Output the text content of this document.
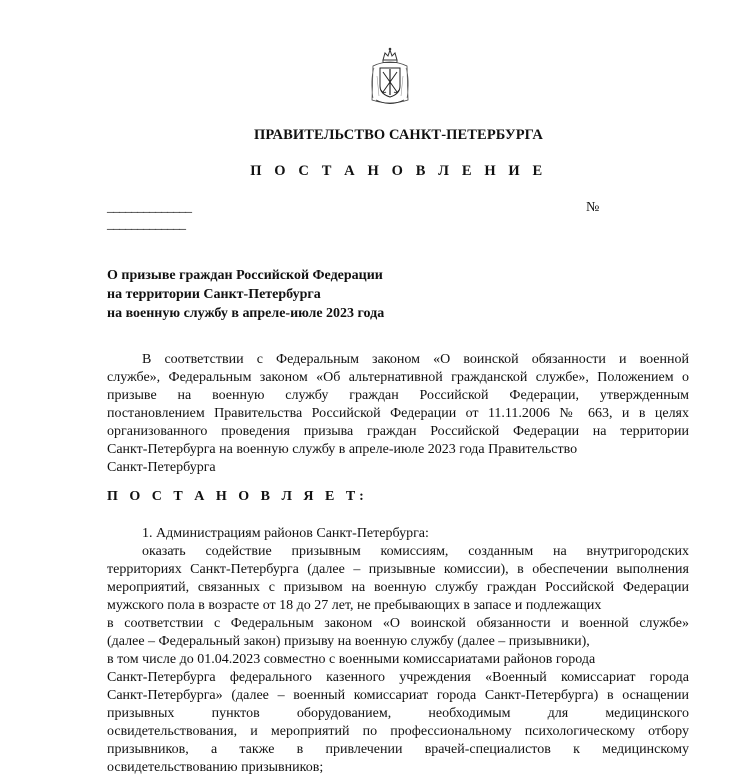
ПРАВИТЕЛЬСТВО САНКТ-ПЕТЕРБУРГА
П О С Т А Н О В Л Е Н И Е
______________
_____________
№
О призыве граждан Российской Федерации
на территории Санкт-Петербурга
на военную службу в апреле-июле 2023 года
В соответствии с Федеральным законом «О воинской обязанности и военной
службе», Федеральным законом «Об альтернативной гражданской службе», Положением о
призыве на военную службу граждан Российской Федерации, утвержденным
постановлением Правительства Российской Федерации от 11.11.2006 № 663, и в целях
организованного проведения призыва граждан Российской Федерации на территории
Санкт-Петербурга на военную службу в апреле-июле 2023 года Правительство
Санкт-Петербурга
П О С Т А Н О В Л Я Е Т:
1. Администрациям районов Санкт-Петербурга:
оказать содействие призывным комиссиям, созданным на внутригородских
территориях Санкт-Петербурга (далее – призывные комиссии), в обеспечении выполнения
мероприятий, связанных с призывом на военную службу граждан Российской Федерации
мужского пола в возрасте от 18 до 27 лет, не пребывающих в запасе и подлежащих
в соответствии с Федеральным законом «О воинской обязанности и военной службе»
(далее – Федеральный закон) призыву на военную службу (далее – призывники),
в том числе до 01.04.2023 совместно с военными комиссариатами районов города
Санкт-Петербурга федерального казенного учреждения «Военный комиссариат города
Санкт-Петербурга» (далее – военный комиссариат города Санкт-Петербурга) в оснащении
призывных пунктов оборудованием, необходимым для медицинского
освидетельствования, и мероприятий по профессиональному психологическому отбору
призывников, а также в привлечении врачей-специалистов к медицинскому
освидетельствованию призывников;
